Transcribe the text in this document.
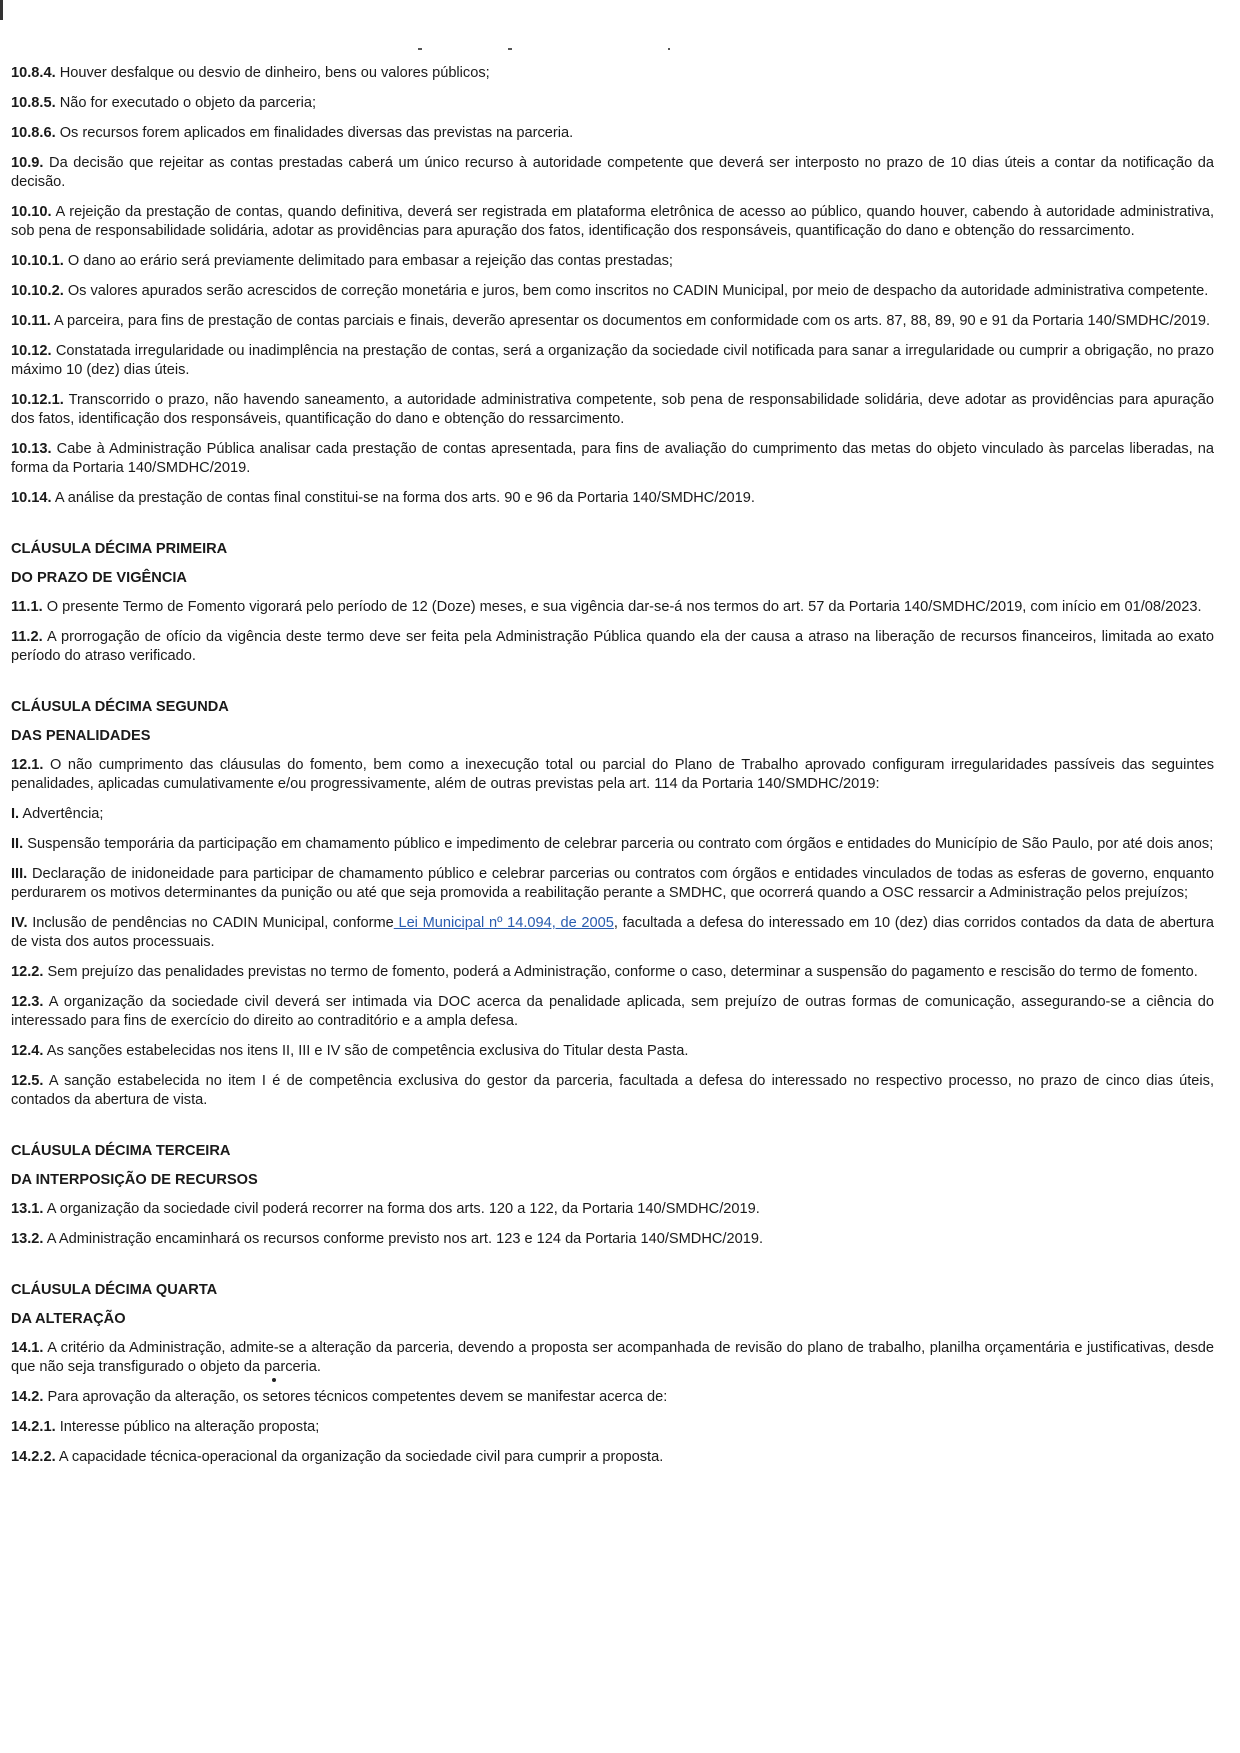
10.8.4. Houver desfalque ou desvio de dinheiro, bens ou valores públicos;

10.8.5. Não for executado o objeto da parceria;

10.8.6. Os recursos forem aplicados em finalidades diversas das previstas na parceria.

10.9. Da decisão que rejeitar as contas prestadas caberá um único recurso à autoridade competente que deverá ser interposto no prazo de 10 dias úteis a contar da notificação da decisão.

10.10. A rejeição da prestação de contas, quando definitiva, deverá ser registrada em plataforma eletrônica de acesso ao público, quando houver, cabendo à autoridade administrativa, sob pena de responsabilidade solidária, adotar as providências para apuração dos fatos, identificação dos responsáveis, quantificação do dano e obtenção do ressarcimento.

10.10.1. O dano ao erário será previamente delimitado para embasar a rejeição das contas prestadas;

10.10.2. Os valores apurados serão acrescidos de correção monetária e juros, bem como inscritos no CADIN Municipal, por meio de despacho da autoridade administrativa competente.

10.11. A parceira, para fins de prestação de contas parciais e finais, deverão apresentar os documentos em conformidade com os arts. 87, 88, 89, 90 e 91 da Portaria 140/SMDHC/2019.

10.12. Constatada irregularidade ou inadimplência na prestação de contas, será a organização da sociedade civil notificada para sanar a irregularidade ou cumprir a obrigação, no prazo máximo 10 (dez) dias úteis.

10.12.1. Transcorrido o prazo, não havendo saneamento, a autoridade administrativa competente, sob pena de responsabilidade solidária, deve adotar as providências para apuração dos fatos, identificação dos responsáveis, quantificação do dano e obtenção do ressarcimento.

10.13. Cabe à Administração Pública analisar cada prestação de contas apresentada, para fins de avaliação do cumprimento das metas do objeto vinculado às parcelas liberadas, na forma da Portaria 140/SMDHC/2019.

10.14. A análise da prestação de contas final constitui-se na forma dos arts. 90 e 96 da Portaria 140/SMDHC/2019.

CLÁUSULA DÉCIMA PRIMEIRA

DO PRAZO DE VIGÊNCIA

11.1. O presente Termo de Fomento vigorará pelo período de 12 (Doze) meses, e sua vigência dar-se-á nos termos do art. 57 da Portaria 140/SMDHC/2019, com início em 01/08/2023.

11.2. A prorrogação de ofício da vigência deste termo deve ser feita pela Administração Pública quando ela der causa a atraso na liberação de recursos financeiros, limitada ao exato período do atraso verificado.

CLÁUSULA DÉCIMA SEGUNDA

DAS PENALIDADES

12.1. O não cumprimento das cláusulas do fomento, bem como a inexecução total ou parcial do Plano de Trabalho aprovado configuram irregularidades passíveis das seguintes penalidades, aplicadas cumulativamente e/ou progressivamente, além de outras previstas pela art. 114 da Portaria 140/SMDHC/2019:

I. Advertência;

II. Suspensão temporária da participação em chamamento público e impedimento de celebrar parceria ou contrato com órgãos e entidades do Município de São Paulo, por até dois anos;

III. Declaração de inidoneidade para participar de chamamento público e celebrar parcerias ou contratos com órgãos e entidades vinculados de todas as esferas de governo, enquanto perdurarem os motivos determinantes da punição ou até que seja promovida a reabilitação perante a SMDHC, que ocorrerá quando a OSC ressarcir a Administração pelos prejuízos;

IV. Inclusão de pendências no CADIN Municipal, conforme Lei Municipal nº 14.094, de 2005, facultada a defesa do interessado em 10 (dez) dias corridos contados da data de abertura de vista dos autos processuais.

12.2. Sem prejuízo das penalidades previstas no termo de fomento, poderá a Administração, conforme o caso, determinar a suspensão do pagamento e rescisão do termo de fomento.

12.3. A organização da sociedade civil deverá ser intimada via DOC acerca da penalidade aplicada, sem prejuízo de outras formas de comunicação, assegurando-se a ciência do interessado para fins de exercício do direito ao contraditório e a ampla defesa.

12.4. As sanções estabelecidas nos itens II, III e IV são de competência exclusiva do Titular desta Pasta.

12.5. A sanção estabelecida no item I é de competência exclusiva do gestor da parceria, facultada a defesa do interessado no respectivo processo, no prazo de cinco dias úteis, contados da abertura de vista.

CLÁUSULA DÉCIMA TERCEIRA

DA INTERPOSIÇÃO DE RECURSOS

13.1. A organização da sociedade civil poderá recorrer na forma dos arts. 120 a 122, da Portaria 140/SMDHC/2019.

13.2. A Administração encaminhará os recursos conforme previsto nos art. 123 e 124 da Portaria 140/SMDHC/2019.

CLÁUSULA DÉCIMA QUARTA

DA ALTERAÇÃO

14.1. A critério da Administração, admite-se a alteração da parceria, devendo a proposta ser acompanhada de revisão do plano de trabalho, planilha orçamentária e justificativas, desde que não seja transfigurado o objeto da parceria.

14.2. Para aprovação da alteração, os setores técnicos competentes devem se manifestar acerca de:

14.2.1. Interesse público na alteração proposta;

14.2.2. A capacidade técnica-operacional da organização da sociedade civil para cumprir a proposta.
